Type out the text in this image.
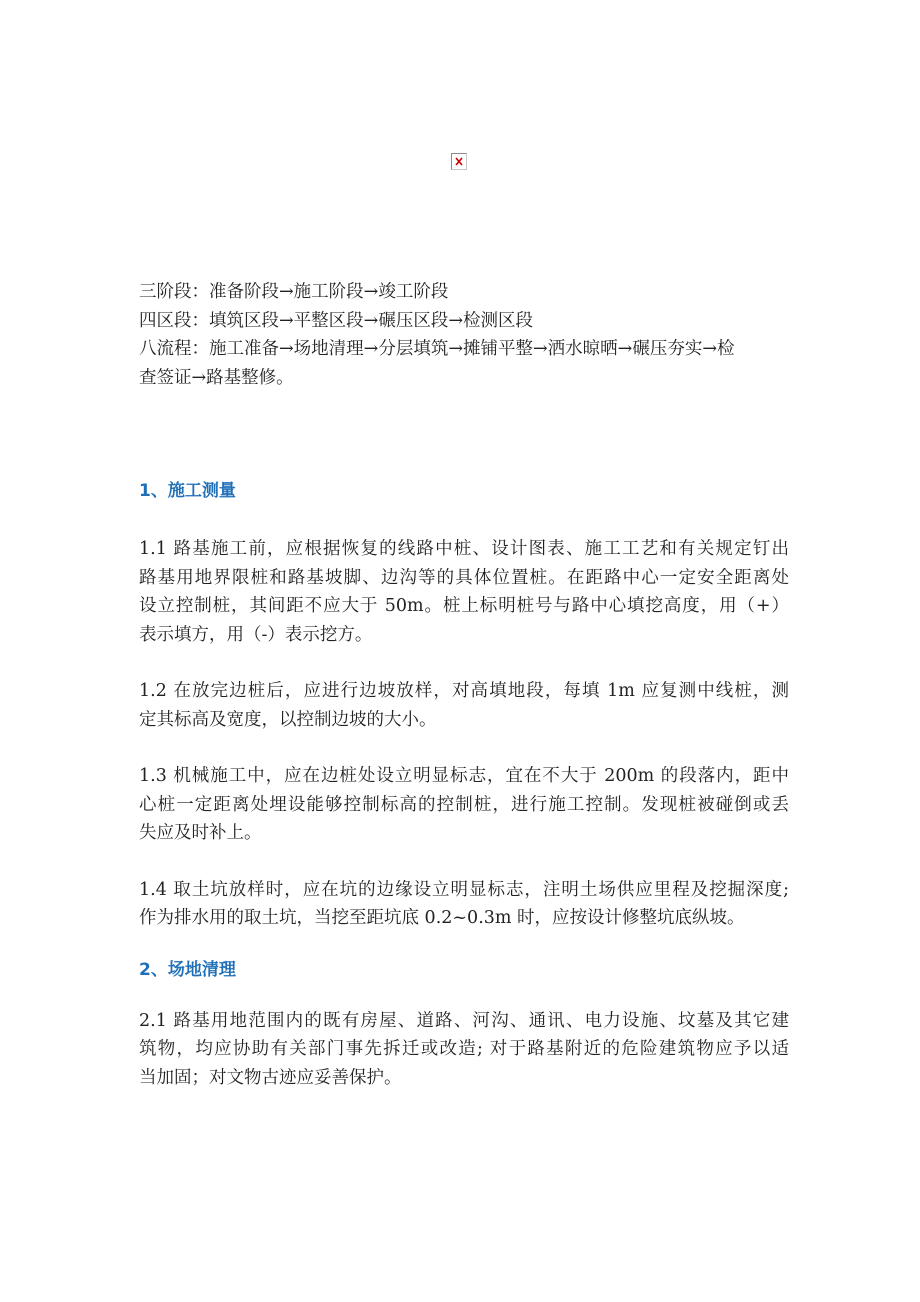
三阶段：准备阶段→施工阶段→竣工阶段
四区段：填筑区段→平整区段→碾压区段→检测区段
八流程：施工准备→场地清理→分层填筑→摊铺平整→洒水晾晒→碾压夯实→检
查签证→路基整修。
1、施工测量

1.1 路基施工前，应根据恢复的线路中桩、设计图表、施工工艺和有关规定钉出
路基用地界限桩和路基坡脚、边沟等的具体位置桩。在距路中心一定安全距离处
设立控制桩，其间距不应大于 50m。桩上标明桩号与路中心填挖高度，用（+）
表示填方，用（-）表示挖方。

1.2 在放完边桩后，应进行边坡放样，对高填地段，每填 1m 应复测中线桩，测
定其标高及宽度，以控制边坡的大小。

1.3 机械施工中，应在边桩处设立明显标志，宜在不大于 200m 的段落内，距中
心桩一定距离处埋设能够控制标高的控制桩，进行施工控制。发现桩被碰倒或丢
失应及时补上。

1.4 取土坑放样时，应在坑的边缘设立明显标志，注明土场供应里程及挖掘深度;
作为排水用的取土坑，当挖至距坑底 0.2~0.3m 时，应按设计修整坑底纵坡。

2、场地清理

2.1 路基用地范围内的既有房屋、道路、河沟、通讯、电力设施、坟墓及其它建
筑物，均应协助有关部门事先拆迁或改造; 对于路基附近的危险建筑物应予以适
当加固；对文物古迹应妥善保护。
